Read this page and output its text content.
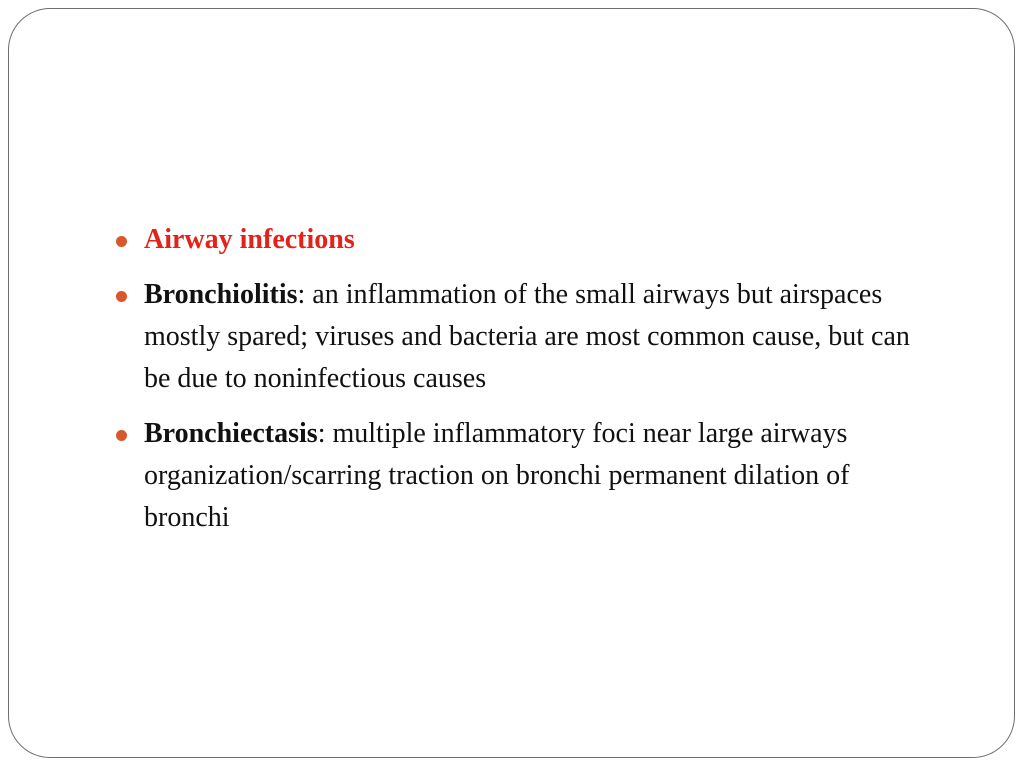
Airway infections
Bronchiolitis: an inflammation of the small airways but airspaces mostly spared; viruses and bacteria are most common cause, but can be due to noninfectious causes
Bronchiectasis: multiple inflammatory foci near large airways organization/scarring traction on bronchi permanent dilation of bronchi
